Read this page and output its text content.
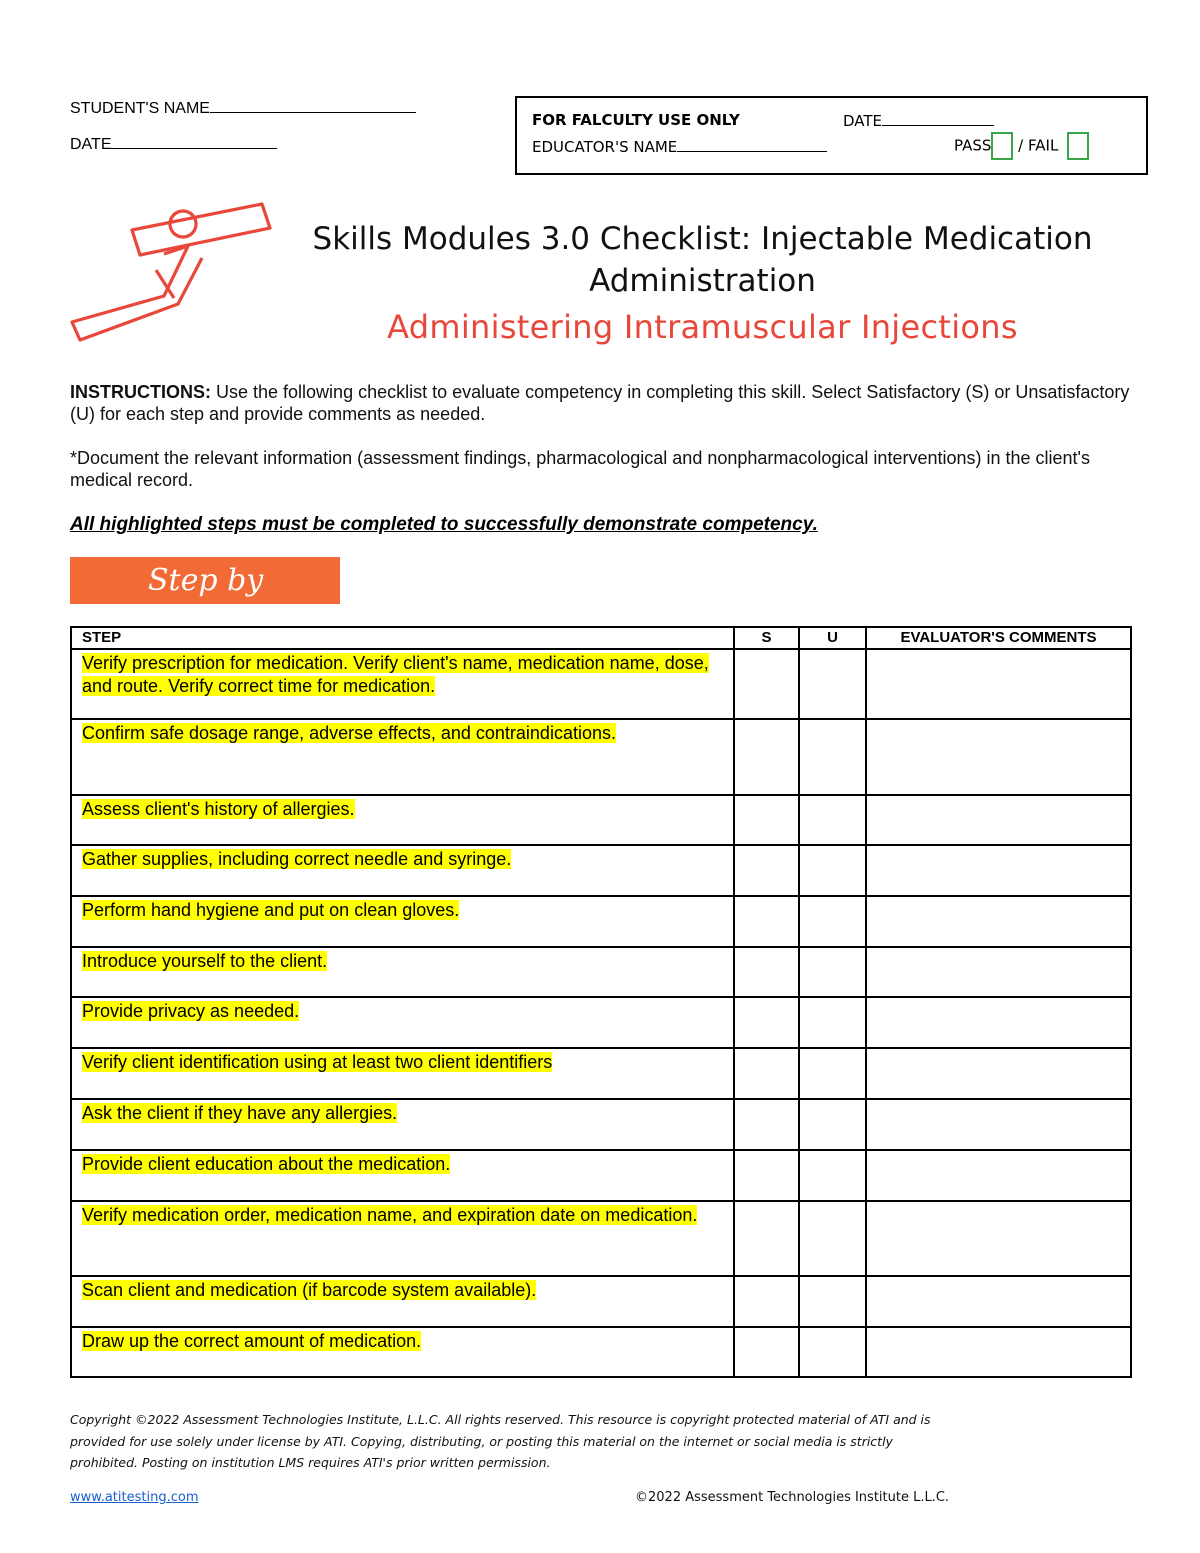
STUDENT'S NAME
DATE
FOR FALCULTY USE ONLY	DATE
EDUCATOR'S NAME	PASS / FAIL
Skills Modules 3.0 Checklist: Injectable Medication
Administration
Administering Intramuscular Injections

INSTRUCTIONS: Use the following checklist to evaluate competency in completing this skill. Select Satisfactory (S) or Unsatisfactory (U) for each step and provide comments as needed.

*Document the relevant information (assessment findings, pharmacological and nonpharmacological interventions) in the client's medical record.

All highlighted steps must be completed to successfully demonstrate competency.
Step by Step
STEP	S	U	EVALUATOR'S COMMENTS
Verify prescription for medication. Verify client's name, medication name, dose, and route. Verify correct time for medication.			
Confirm safe dosage range, adverse effects, and contraindications.			
Assess client's history of allergies.			
Gather supplies, including correct needle and syringe.			
Perform hand hygiene and put on clean gloves.			
Introduce yourself to the client.			
Provide privacy as needed.			
Verify client identification using at least two client identifiers			
Ask the client if they have any allergies.			
Provide client education about the medication.			
Verify medication order, medication name, and expiration date on medication.			
Scan client and medication (if barcode system available).			
Draw up the correct amount of medication.			
Copyright ©2022 Assessment Technologies Institute, L.L.C. All rights reserved. This resource is copyright protected material of ATI and is
provided for use solely under license by ATI. Copying, distributing, or posting this material on the internet or social media is strictly
prohibited. Posting on institution LMS requires ATI's prior written permission.
www.atitesting.com	©2022 Assessment Technologies Institute L.L.C.
